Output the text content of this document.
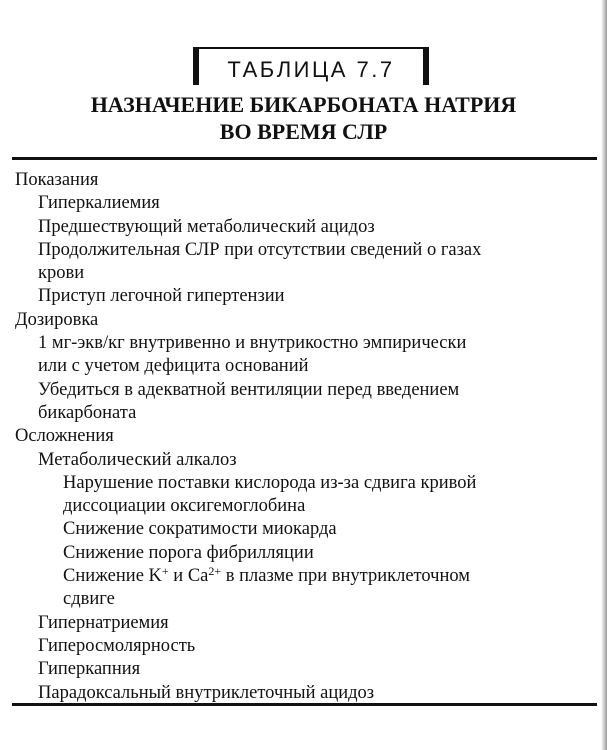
ТАБЛИЦА 7.7
НАЗНАЧЕНИЕ БИКАРБОНАТА НАТРИЯ
ВО ВРЕМЯ СЛР
Показания
Гиперкалиемия
Предшествующий метаболический ацидоз
Продолжительная СЛР при отсутствии сведений о газах
крови
Приступ легочной гипертензии
Дозировка
1 мг-экв/кг внутривенно и внутрикостно эмпирически
или с учетом дефицита оснований
Убедиться в адекватной вентиляции перед введением
бикарбоната
Осложнения
Метаболический алкалоз
Нарушение поставки кислорода из-за сдвига кривой
диссоциации оксигемоглобина
Снижение сократимости миокарда
Снижение порога фибрилляции
Снижение K+ и $Ca^{2+}$ в плазме при внутриклеточном
сдвиге
Гипернатриемия
Гиперосмолярность
Гиперкапния
Парадоксальный внутриклеточный ацидоз
